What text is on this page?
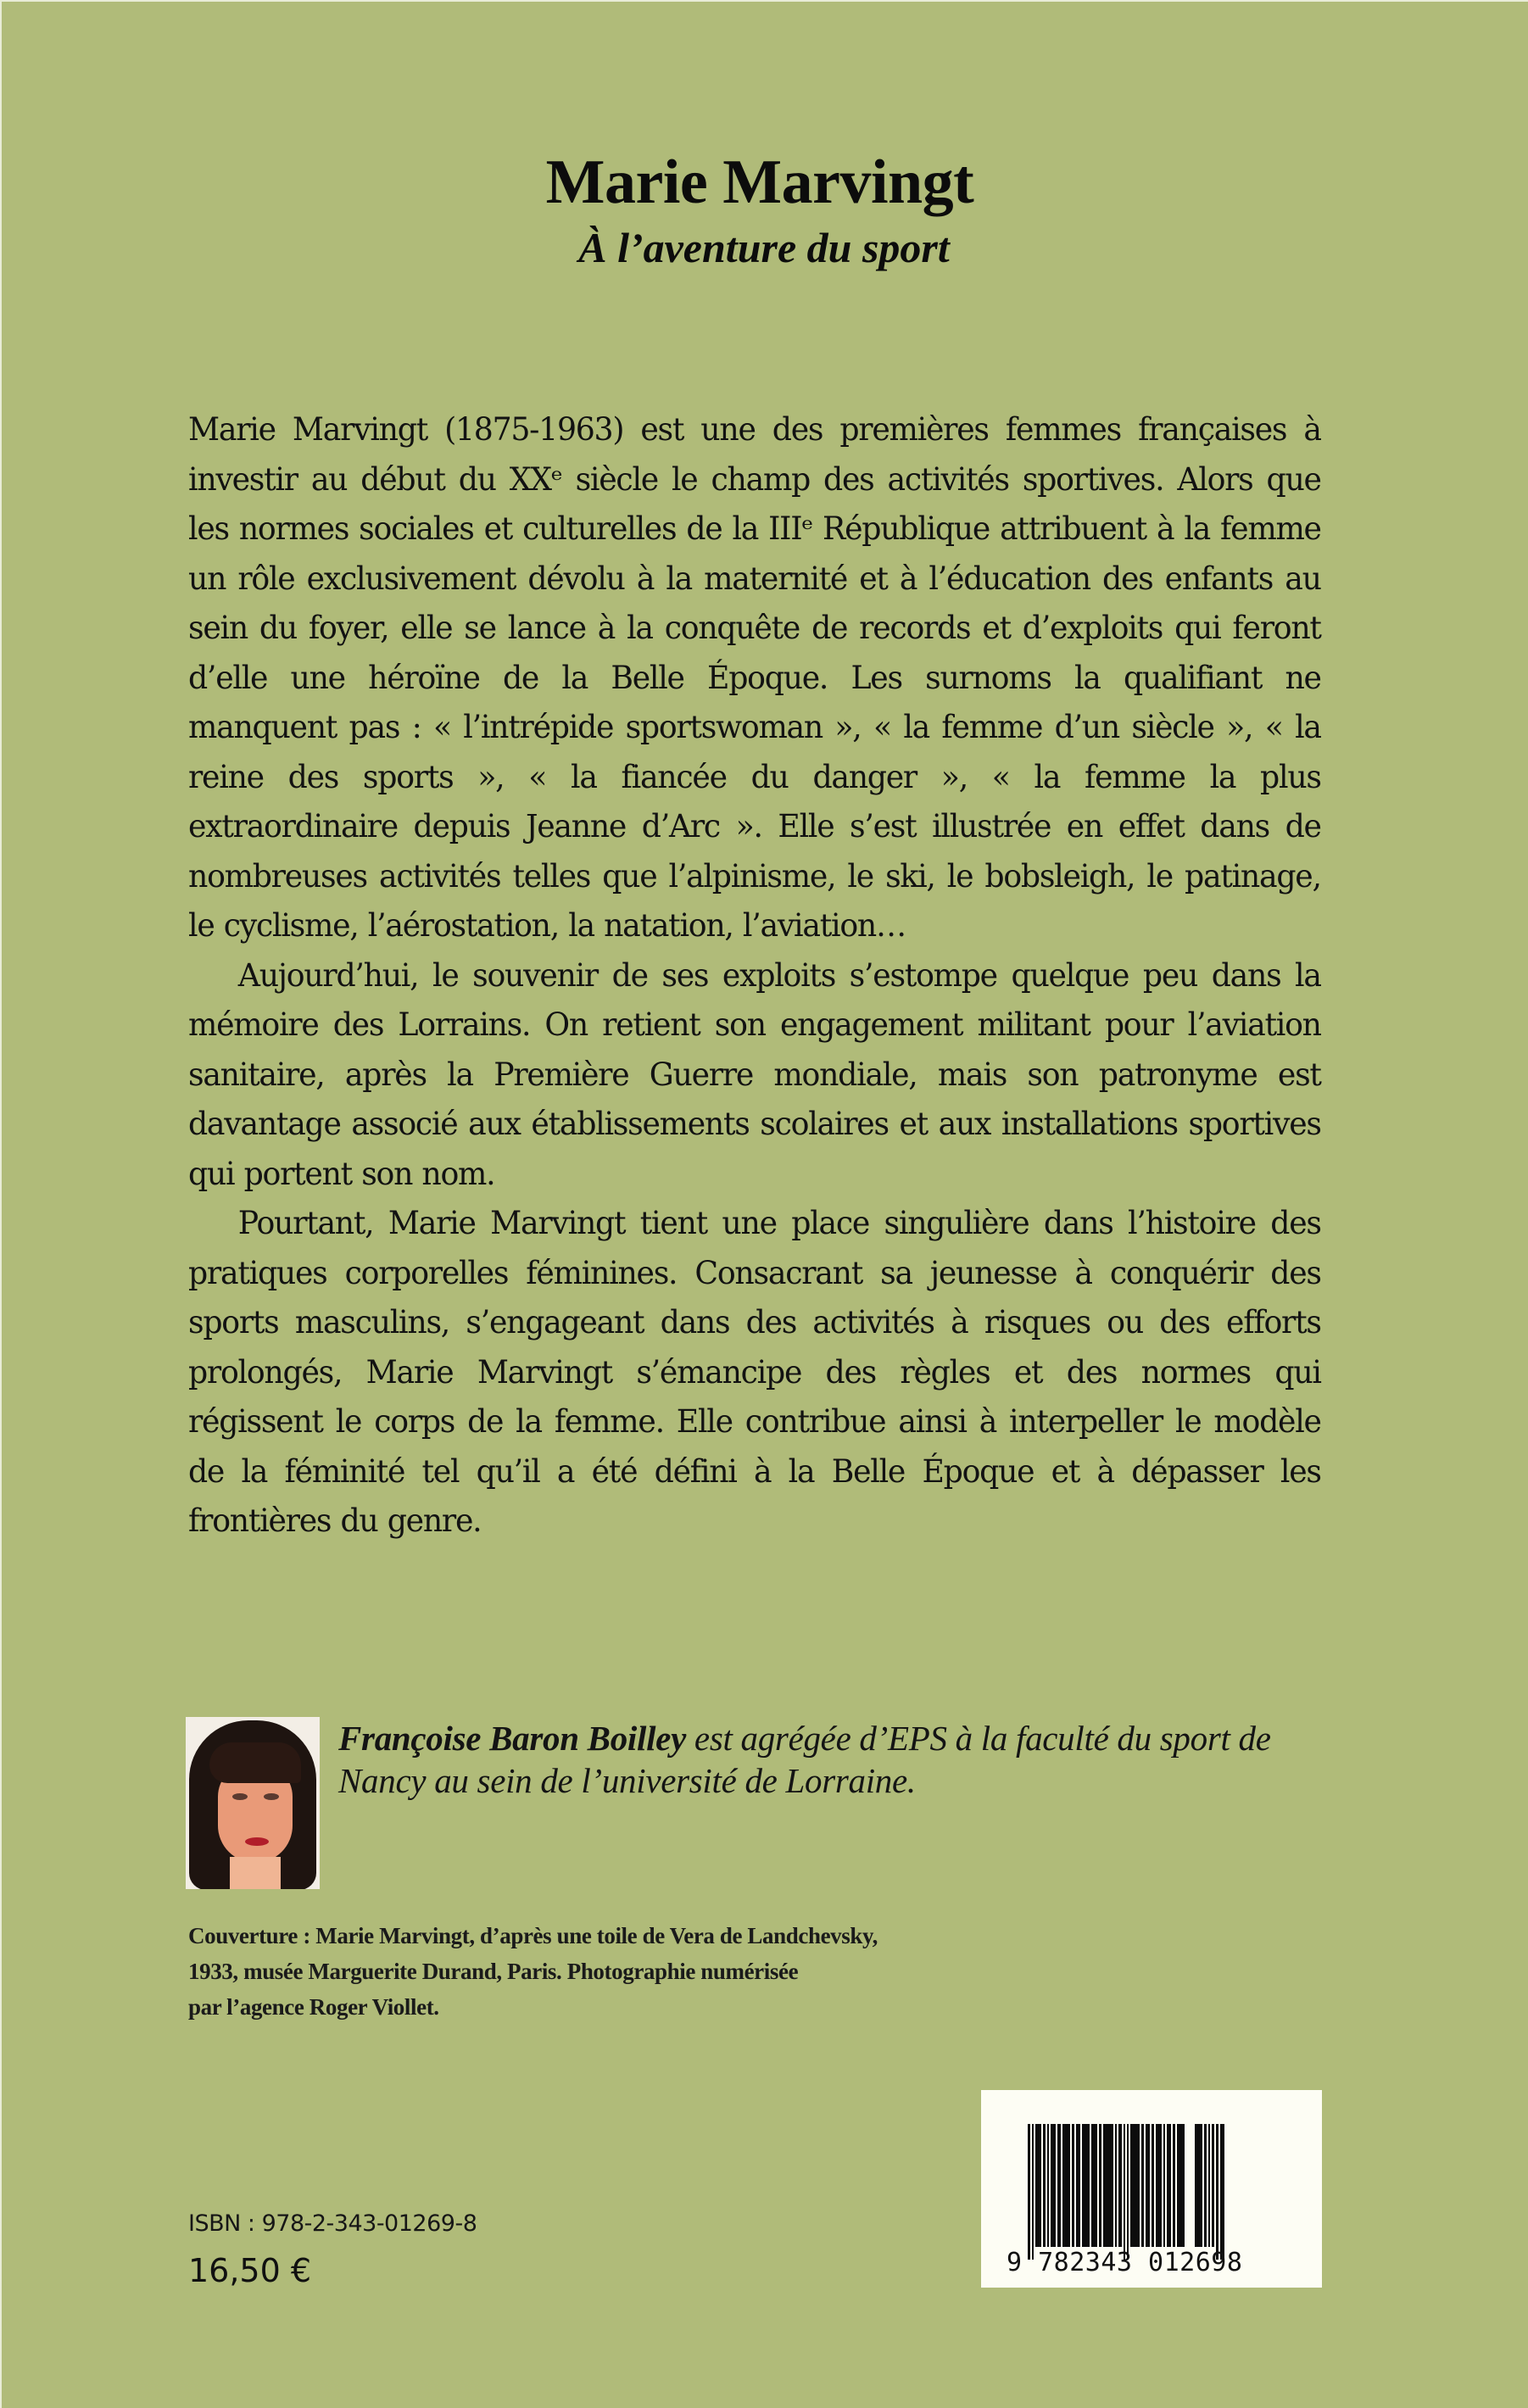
Marie Marvingt
À l’aventure du sport

Marie Marvingt (1875-1963) est une des premières femmes françaises à investir au début du XXᵉ siècle le champ des activités sportives. Alors que les normes sociales et culturelles de la IIIᵉ République attribuent à la femme un rôle exclusivement dévolu à la maternité et à l’éducation des enfants au sein du foyer, elle se lance à la conquête de records et d’exploits qui feront d’elle une héroïne de la Belle Époque. Les surnoms la qualifiant ne manquent pas : « l’intrépide sportswoman », « la femme d’un siècle », « la reine des sports », « la fiancée du danger », « la femme la plus extraordinaire depuis Jeanne d’Arc ». Elle s’est illustrée en effet dans de nombreuses activités telles que l’alpinisme, le ski, le bobsleigh, le patinage, le cyclisme, l’aérostation, la natation, l’aviation…

Aujourd’hui, le souvenir de ses exploits s’estompe quelque peu dans la mémoire des Lorrains. On retient son engagement militant pour l’aviation sanitaire, après la Première Guerre mondiale, mais son patronyme est davantage associé aux établissements scolaires et aux installations sportives qui portent son nom.

Pourtant, Marie Marvingt tient une place singulière dans l’histoire des pratiques corporelles féminines. Consacrant sa jeunesse à conquérir des sports masculins, s’engageant dans des activités à risques ou des efforts prolongés, Marie Marvingt s’émancipe des règles et des normes qui régissent le corps de la femme. Elle contribue ainsi à interpeller le modèle de la féminité tel qu’il a été défini à la Belle Époque et à dépasser les frontières du genre.

Françoise Baron Boilley est agrégée d’EPS à la faculté du sport de Nancy au sein de l’université de Lorraine.
Couverture : Marie Marvingt, d’après une toile de Vera de Landchevsky,
1933, musée Marguerite Durand, Paris. Photographie numérisée
par l’agence Roger Viollet.
ISBN : 978-2-343-01269-8
16,50 €	9 782343 012698
